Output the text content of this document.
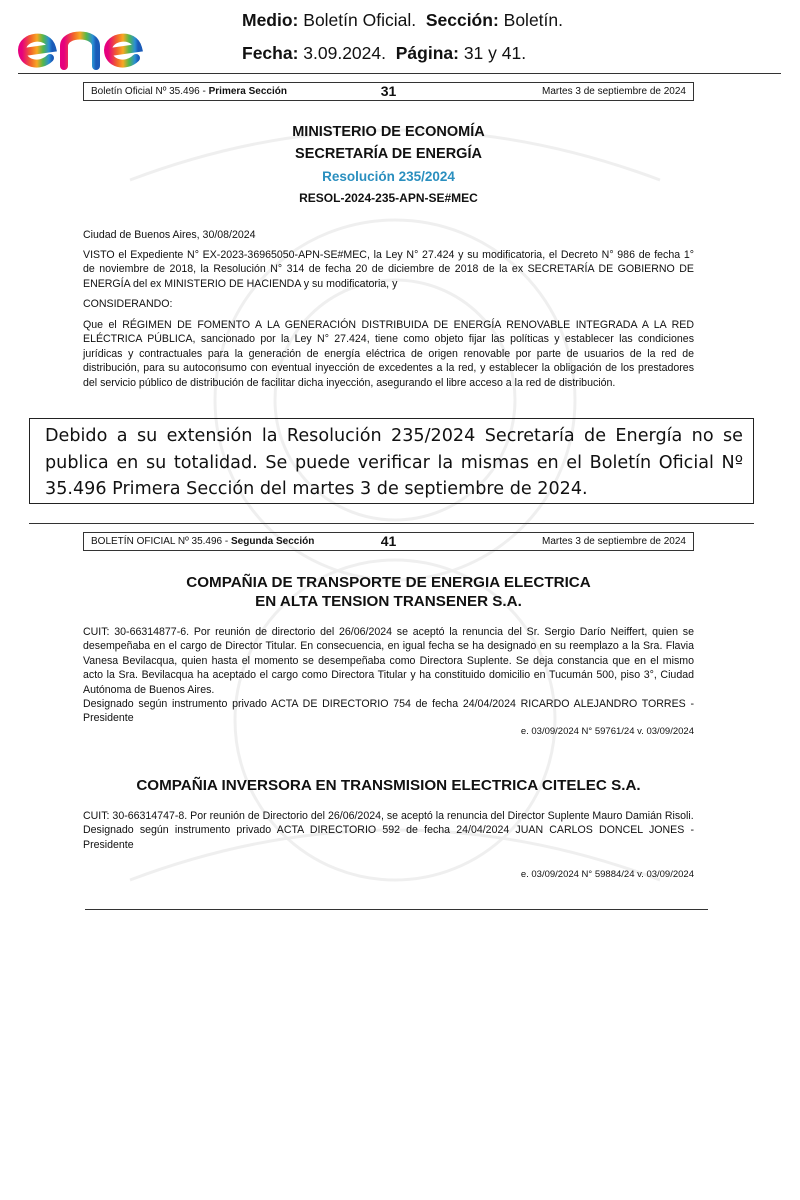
Medio: Boletín Oficial. Sección: Boletín.
Fecha: 3.09.2024. Página: 31 y 41.
Boletín Oficial Nº 35.496 - Primera Sección	31	Martes 3 de septiembre de 2024
MINISTERIO DE ECONOMÍA
SECRETARÍA DE ENERGÍA
Resolución 235/2024
RESOL-2024-235-APN-SE#MEC
Ciudad de Buenos Aires, 30/08/2024
VISTO el Expediente N° EX-2023-36965050-APN-SE#MEC, la Ley N° 27.424 y su modificatoria, el Decreto N° 986 de fecha 1° de noviembre de 2018, la Resolución N° 314 de fecha 20 de diciembre de 2018 de la ex SECRETARÍA DE GOBIERNO DE ENERGÍA del ex MINISTERIO DE HACIENDA y su modificatoria, y
CONSIDERANDO:
Que el RÉGIMEN DE FOMENTO A LA GENERACIÓN DISTRIBUIDA DE ENERGÍA RENOVABLE INTEGRADA A LA RED ELÉCTRICA PÚBLICA, sancionado por la Ley N° 27.424, tiene como objeto fijar las políticas y establecer las condiciones jurídicas y contractuales para la generación de energía eléctrica de origen renovable por parte de usuarios de la red de distribución, para su autoconsumo con eventual inyección de excedentes a la red, y establecer la obligación de los prestadores del servicio público de distribución de facilitar dicha inyección, asegurando el libre acceso a la red de distribución.
Debido a su extensión la Resolución 235/2024 Secretaría de Energía no se publica en su totalidad. Se puede verificar la mismas en el Boletín Oficial Nº 35.496 Primera Sección del martes 3 de septiembre de 2024.
BOLETÍN OFICIAL Nº 35.496 - Segunda Sección	41	Martes 3 de septiembre de 2024
COMPAÑIA DE TRANSPORTE DE ENERGIA ELECTRICA
EN ALTA TENSION TRANSENER S.A.
CUIT: 30-66314877-6. Por reunión de directorio del 26/06/2024 se aceptó la renuncia del Sr. Sergio Darío Neiffert, quien se desempeñaba en el cargo de Director Titular. En consecuencia, en igual fecha se ha designado en su reemplazo a la Sra. Flavia Vanesa Bevilacqua, quien hasta el momento se desempeñaba como Directora Suplente. Se deja constancia que en el mismo acto la Sra. Bevilacqua ha aceptado el cargo como Directora Titular y ha constituido domicilio en Tucumán 500, piso 3°, Ciudad Autónoma de Buenos Aires.
Designado según instrumento privado ACTA DE DIRECTORIO 754 de fecha 24/04/2024 RICARDO ALEJANDRO TORRES - Presidente
e. 03/09/2024 N° 59761/24 v. 03/09/2024
COMPAÑIA INVERSORA EN TRANSMISION ELECTRICA CITELEC S.A.
CUIT: 30-66314747-8. Por reunión de Directorio del 26/06/2024, se aceptó la renuncia del Director Suplente Mauro Damián Risoli.
Designado según instrumento privado ACTA DIRECTORIO 592 de fecha 24/04/2024 JUAN CARLOS DONCEL JONES - Presidente
e. 03/09/2024 N° 59884/24 v. 03/09/2024
